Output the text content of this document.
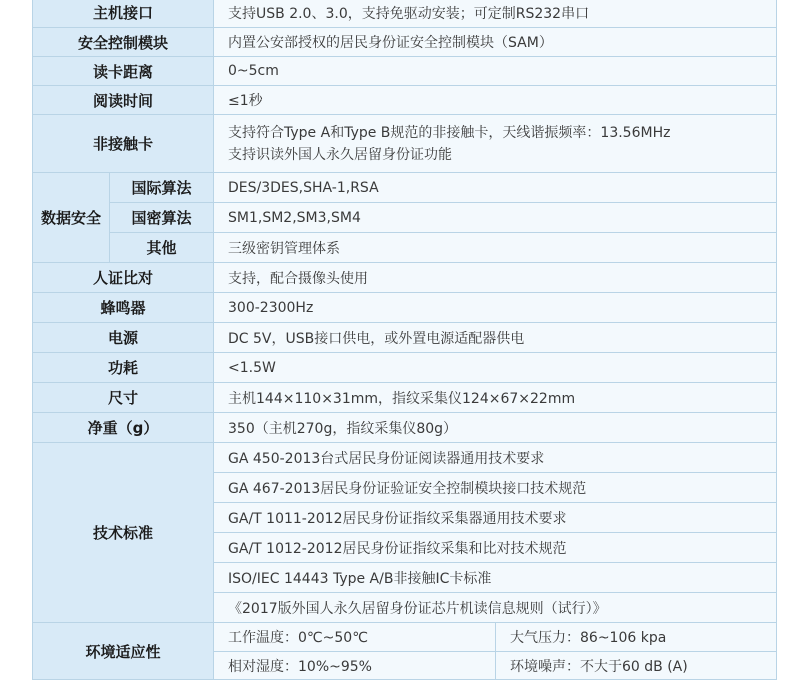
主机接口		支持USB 2.0、3.0，支持免驱动安装；可定制RS232串口	
安全控制模块		内置公安部授权的居民身份证安全控制模块（SAM）	
读卡距离		0~5cm	
阅读时间		≤1秒	
非接触卡		支持符合Type A和Type B规范的非接触卡，天线谐振频率：13.56MHz
支持识读外国人永久居留身份证功能	

数据安全	国际算法	DES/3DES,SHA-1,RSA	
	国密算法	SM1,SM2,SM3,SM4	
	其他	三级密钥管理体系	
人证比对		支持，配合摄像头使用	
蜂鸣器		300-2300Hz	
电源		DC 5V，USB接口供电，或外置电源适配器供电	
功耗		<1.5W	
尺寸		主机144×110×31mm，指纹采集仪124×67×22mm	
净重（g）		350（主机270g，指纹采集仪80g）	
技术标准		GA 450-2013台式居民身份证阅读器通用技术要求	
		GA 467-2013居民身份证验证安全控制模块接口技术规范	
		GA/T 1011-2012居民身份证指纹采集器通用技术要求	
		GA/T 1012-2012居民身份证指纹采集和比对技术规范	
		ISO/IEC 14443 Type A/B非接触IC卡标准	
		《2017版外国人永久居留身份证芯片机读信息规则（试行）》	
环境适应性		工作温度：0℃~50℃	大气压力：86~106 kpa
		相对湿度：10%~95%	环境噪声：不大于60 dB (A)
